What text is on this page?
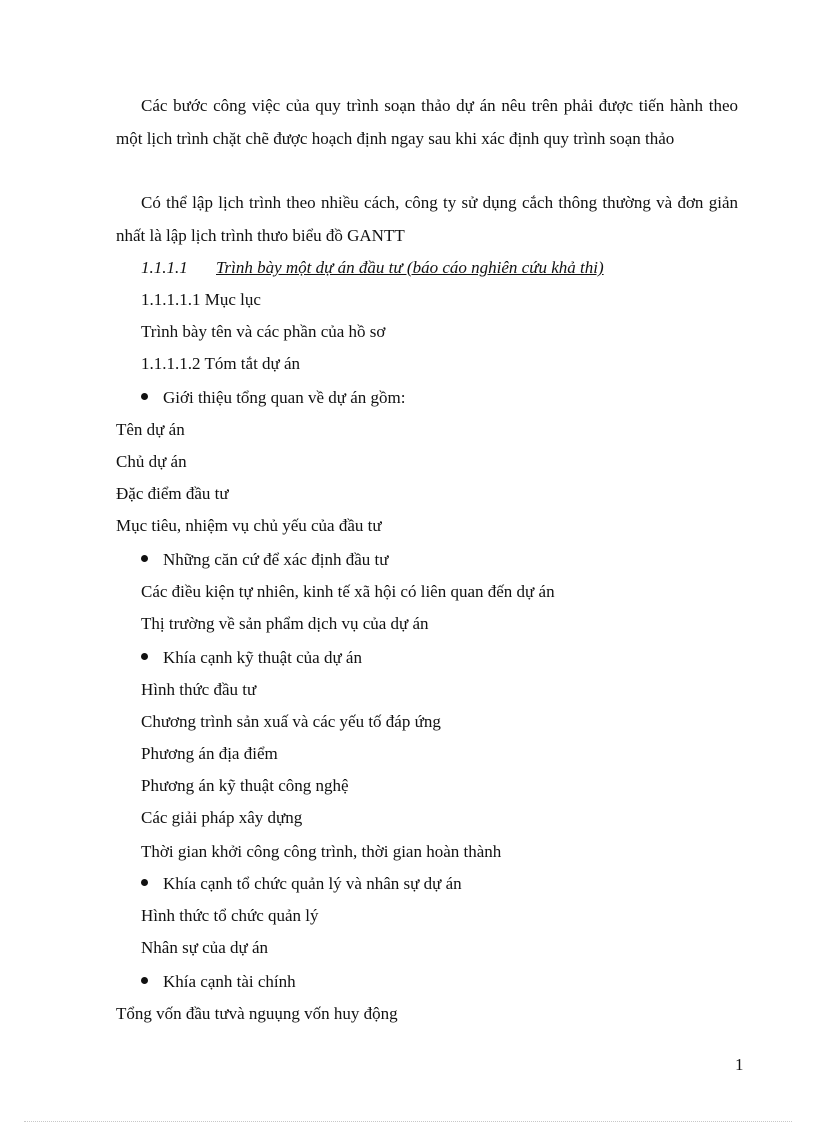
Các bước công việc của quy trình soạn thảo dự án nêu trên phải được tiến hành theo một lịch trình chặt chẽ được hoạch định ngay sau khi xác định quy trình soạn thảo
Có thể lập lịch trình theo nhiều cách, công ty sử dụng cắch thông thường và đơn giản nhất là lập lịch trình thưo biểu đồ GANTT
1.1.1.1 Trình bày một dự án đầu tư (báo cáo nghiên cứu khả thi)
1.1.1.1.1 Mục lục
Trình bày tên và các phần của hồ sơ
1.1.1.1.2 Tóm tắt dự án
Giới thiệu tổng quan về dự án gồm:
Tên dự án
Chủ dự án
Đặc điểm đầu tư
Mục tiêu, nhiệm vụ chủ yếu của đầu tư
Những căn cứ để xác định đầu tư
Các điều kiện tự nhiên, kinh tế xã hội có liên quan đến dự án
Thị trường về sản phẩm dịch vụ của dự án
Khía cạnh kỹ thuật của dự án
Hình thức đầu tư
Chương trình sản xuấ và các yếu tố đáp ứng
Phương án địa điểm
Phương án kỹ thuật công nghệ
Các giải pháp xây dựng
Thời gian khởi công công trình, thời gian hoàn thành
Khía cạnh tổ chức quản lý và nhân sự dự án
Hình thức tổ chức quản lý
Nhân sự của dự án
Khía cạnh tài chính
Tổng vốn đầu tưvà nguụng vốn huy động
1
